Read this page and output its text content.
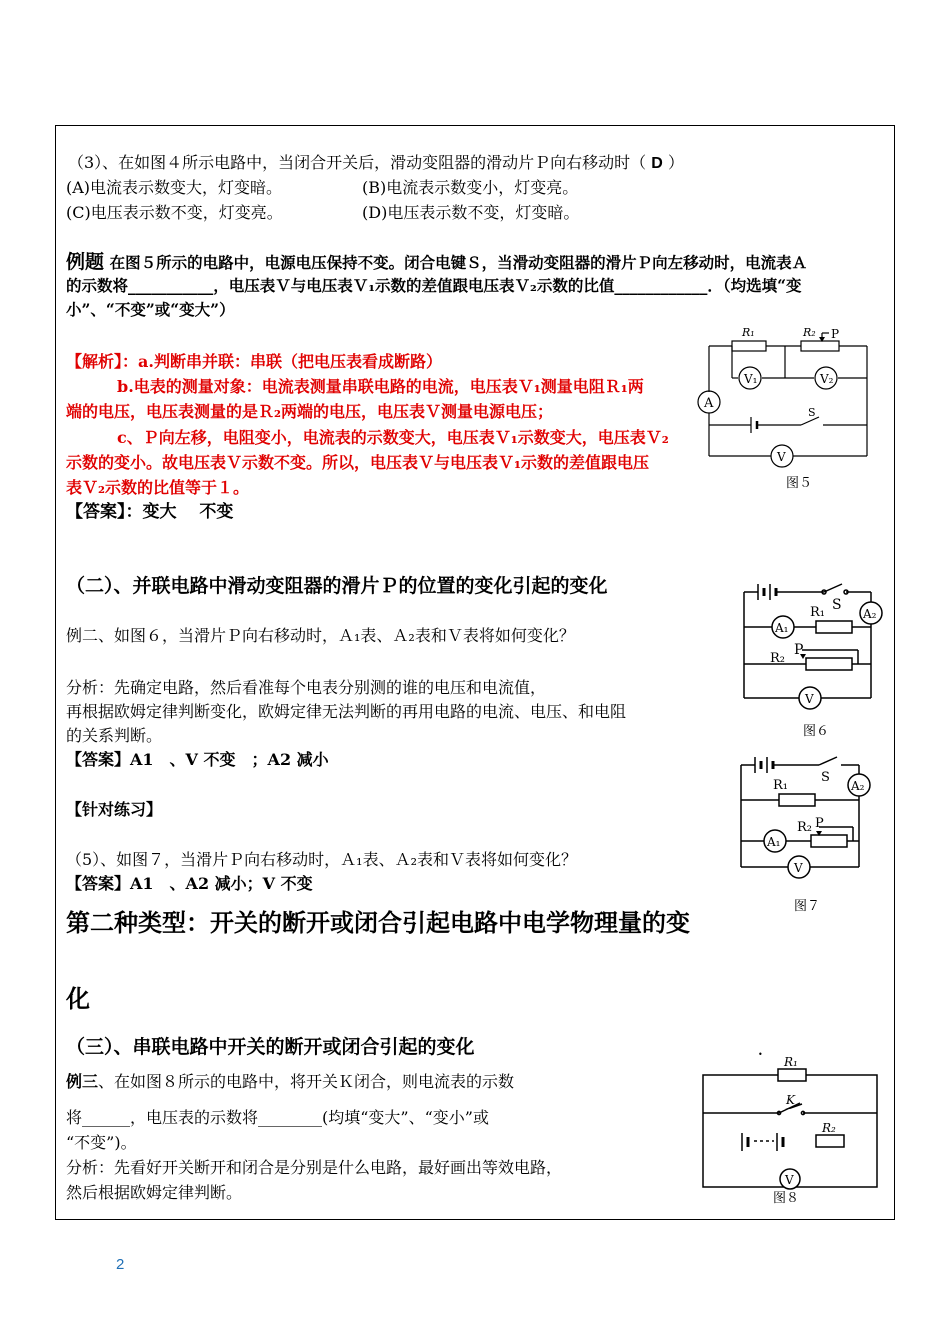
（3）、在如图４所示电路中，当闭合开关后，滑动变阻器的滑动片Ｐ向右移动时（ D ）
(A)电流表示数变大，灯变暗。	(B)电流表示数变小，灯变亮。
(C)电压表示数不变，灯变亮。	(D)电压表示数不变，灯变暗。
例题 在图５所示的电路中，电源电压保持不变。闭合电键Ｓ，当滑动变阻器的滑片Ｐ向左移动时，电流表Ａ
的示数将___________，电压表Ｖ与电压表Ｖ₁示数的差值跟电压表Ｖ₂示数的比值____________．（均选填“变
小”、“不变”或“变大”）
【解析】：a.判断串并联：串联（把电压表看成断路）
b.电表的测量对象：电流表测量串联电路的电流，电压表Ｖ₁测量电阻Ｒ₁两
端的电压，电压表测量的是Ｒ₂两端的电压，电压表Ｖ测量电源电压；
c、Ｐ向左移，电阻变小，电流表的示数变大，电压表Ｖ₁示数变大，电压表Ｖ₂
示数的变小。故电压表Ｖ示数不变。所以，电压表Ｖ与电压表Ｖ₁示数的差值跟电压
表Ｖ₂示数的比值等于１。
【答案】：变大　 不变
R₁	R₂ P
A
V₁	V₂
V
S
图５
（二）、并联电路中滑动变阻器的滑片Ｐ的位置的变化引起的变化
例二、如图６，当滑片Ｐ向右移动时，Ａ₁表、Ａ₂表和Ｖ表将如何变化？
分析：先确定电路，然后看准每个电表分别测的谁的电压和电流值，
再根据欧姆定律判断变化，欧姆定律无法判断的再用电路的电流、电压、和电阻
的关系判断。
【答案】A1　、V 不变　；A2 减小
【针对练习】
（5）、如图７，当滑片Ｐ向右移动时，Ａ₁表、Ａ₂表和Ｖ表将如何变化？
【答案】A1　、A2 减小；V 不变
S
R₁
R₂
P
A₂
A₁
V
图６
S
R₁
R₂ P
A₂
A₁
V
图７
第二种类型：开关的断开或闭合引起电路中电学物理量的变
化
（三）、串联电路中开关的断开或闭合引起的变化
例三、在如图８所示的电路中，将开关Ｋ闭合，则电流表的示数
将______，电压表的示数将________(均填“变大”、“变小”或
“不变”)。
分析：先看好开关断开和闭合是分别是什么电路，最好画出等效电路，
然后根据欧姆定律判断。
V
R₁
K
R₂
•
图８
2
